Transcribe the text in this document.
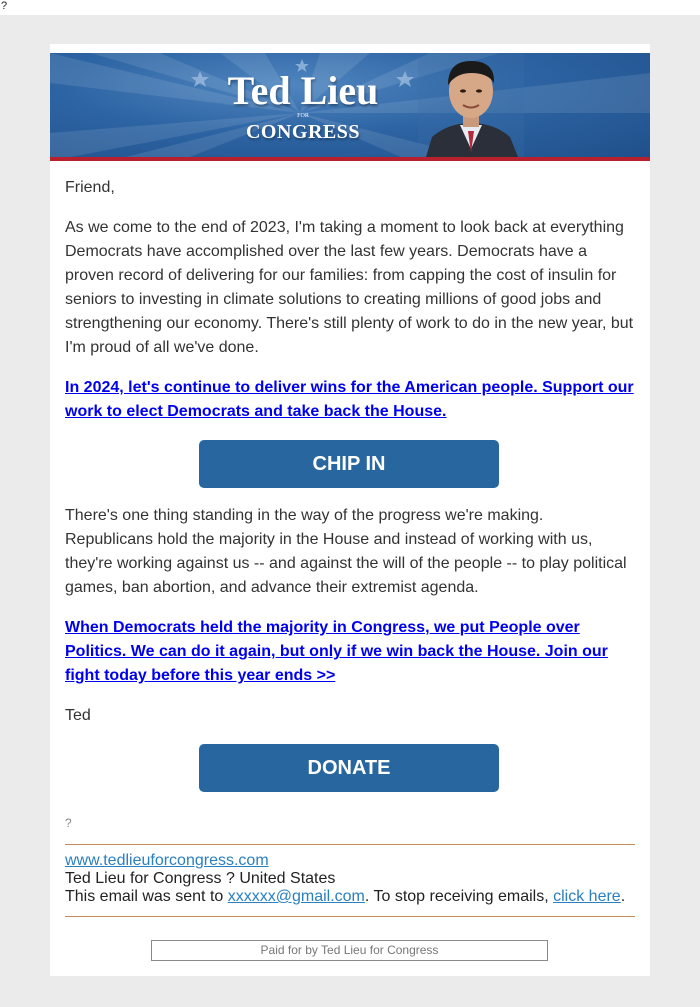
?
Ted Lieu
FOR
CONGRESS

Friend,

As we come to the end of 2023, I'm taking a moment to look back at everything Democrats have accomplished over the last few years. Democrats have a proven record of delivering for our families: from capping the cost of insulin for seniors to investing in climate solutions to creating millions of good jobs and strengthening our economy. There's still plenty of work to do in the new year, but I'm proud of all we've done.

In 2024, let's continue to deliver wins for the American people. Support our work to elect Democrats and take back the House.

There's one thing standing in the way of the progress we're making. Republicans hold the majority in the House and instead of working with us, they're working against us -- and against the will of the people -- to play political games, ban abortion, and advance their extremist agenda.

When Democrats held the majority in Congress, we put People over Politics. We can do it again, but only if we win back the House. Join our fight today before this year ends >>

Ted

CHIP IN
DONATE
?
www.tedlieuforcongress.com
Ted Lieu for Congress ? United States
This email was sent to xxxxxx@gmail.com. To stop receiving emails, click here.
Paid for by Ted Lieu for Congress
